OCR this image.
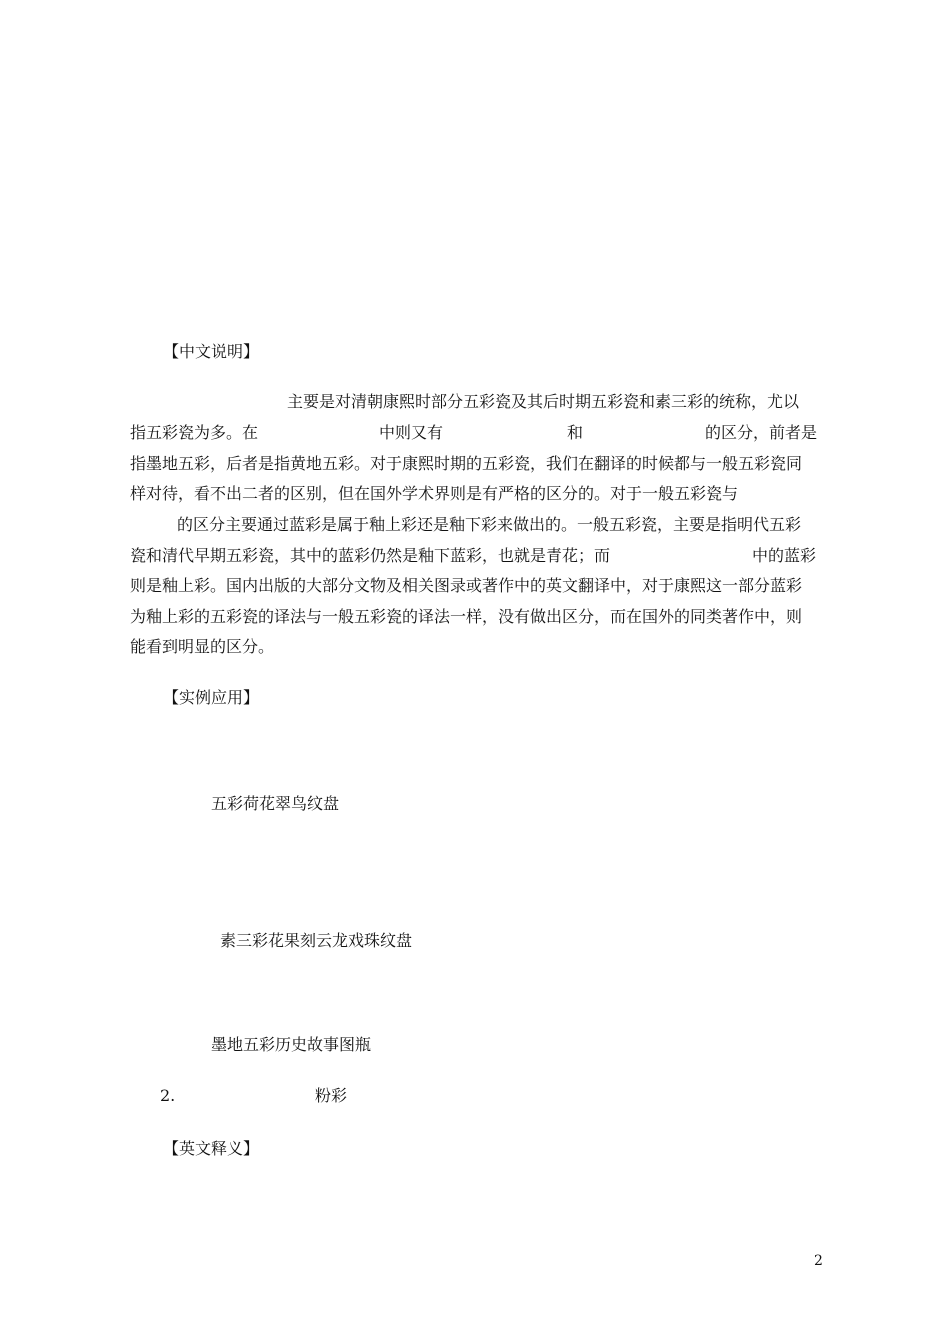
【中文说明】
主要是对清朝康熙时部分五彩瓷及其后时期五彩瓷和素三彩的统称，尤以
指五彩瓷为多。在	中则又有	和	的区分，前者是
指墨地五彩，后者是指黄地五彩。对于康熙时期的五彩瓷，我们在翻译的时候都与一般五彩瓷同
样对待，看不出二者的区别，但在国外学术界则是有严格的区分的。对于一般五彩瓷与
的区分主要通过蓝彩是属于釉上彩还是釉下彩来做出的。一般五彩瓷，主要是指明代五彩
瓷和清代早期五彩瓷，其中的蓝彩仍然是釉下蓝彩，也就是青花；而	中的蓝彩
则是釉上彩。国内出版的大部分文物及相关图录或著作中的英文翻译中，对于康熙这一部分蓝彩
为釉上彩的五彩瓷的译法与一般五彩瓷的译法一样，没有做出区分，而在国外的同类著作中，则
能看到明显的区分。
【实例应用】
五彩荷花翠鸟纹盘
素三彩花果刻云龙戏珠纹盘
墨地五彩历史故事图瓶
2.	粉彩
【英文释义】
2
